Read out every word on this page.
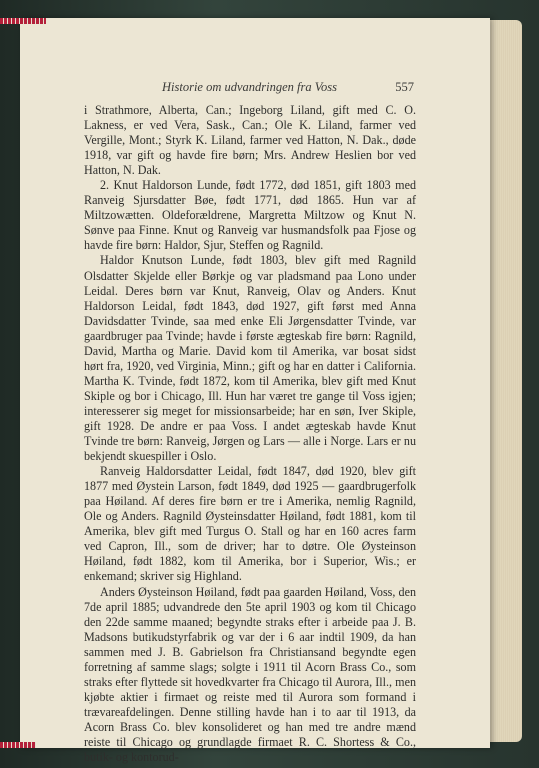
Historie om udvandringen fra Voss	557

i Strathmore, Alberta, Can.; Ingeborg Liland, gift med C. O. Lakness, er ved Vera, Sask., Can.; Ole K. Liland, farmer ved Vergille, Mont.; Styrk K. Liland, farmer ved Hatton, N. Dak., døde 1918, var gift og havde fire børn; Mrs. Andrew Heslien bor ved Hatton, N. Dak.

2. Knut Haldorson Lunde, født 1772, død 1851, gift 1803 med Ranveig Sjursdatter Bøe, født 1771, død 1865. Hun var af Miltzowætten. Oldeforældrene, Margretta Miltzow og Knut N. Sønve paa Finne. Knut og Ranveig var husmandsfolk paa Fjose og havde fire børn: Haldor, Sjur, Steffen og Ragnild.

Haldor Knutson Lunde, født 1803, blev gift med Ragnild Olsdatter Skjelde eller Børkje og var pladsmand paa Lono under Leidal. Deres børn var Knut, Ranveig, Olav og Anders. Knut Haldorson Leidal, født 1843, død 1927, gift først med Anna Davidsdatter Tvinde, saa med enke Eli Jørgensdatter Tvinde, var gaardbruger paa Tvinde; havde i første ægteskab fire børn: Ragnild, David, Martha og Marie. David kom til Amerika, var bosat sidst hørt fra, 1920, ved Virginia, Minn.; gift og har en datter i California. Martha K. Tvinde, født 1872, kom til Amerika, blev gift med Knut Skiple og bor i Chicago, Ill. Hun har været tre gange til Voss igjen; interesserer sig meget for missionsarbeide; har en søn, Iver Skiple, gift 1928. De andre er paa Voss. I andet ægteskab havde Knut Tvinde tre børn: Ranveig, Jørgen og Lars — alle i Norge. Lars er nu bekjendt skuespiller i Oslo.

Ranveig Haldorsdatter Leidal, født 1847, død 1920, blev gift 1877 med Øystein Larson, født 1849, død 1925 — gaardbrugerfolk paa Høiland. Af deres fire børn er tre i Amerika, nemlig Ragnild, Ole og Anders. Ragnild Øysteinsdatter Høiland, født 1881, kom til Amerika, blev gift med Turgus O. Stall og har en 160 acres farm ved Capron, Ill., som de driver; har to døtre. Ole Øysteinson Høiland, født 1882, kom til Amerika, bor i Superior, Wis.; er enkemand; skriver sig Highland.

Anders Øysteinson Høiland, født paa gaarden Høiland, Voss, den 7de april 1885; udvandrede den 5te april 1903 og kom til Chicago den 22de samme maaned; begyndte straks efter i arbeide paa J. B. Madsons butikudstyrfabrik og var der i 6 aar indtil 1909, da han sammen med J. B. Gabrielson fra Christiansand begyndte egen forretning af samme slags; solgte i 1911 til Acorn Brass Co., som straks efter flyttede sit hovedkvarter fra Chicago til Aurora, Ill., men kjøbte aktier i firmaet og reiste med til Aurora som formand i trævareafdelingen. Denne stilling havde han i to aar til 1913, da Acorn Brass Co. blev konsolideret og han med tre andre mænd reiste til Chicago og grundlagde firmaet R. C. Shortess & Co., butik- og kontorud-
